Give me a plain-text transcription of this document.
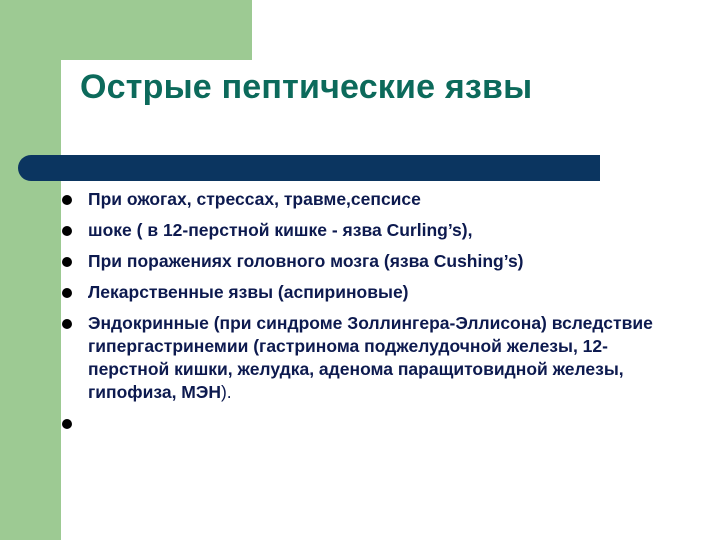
Острые пептические язвы
При ожогах, стрессах, травме,сепсисе
шоке ( в 12-перстной кишке - язва Curling’s),
При поражениях головного мозга (язва Cushing’s)
Лекарственные язвы (аспириновые)
Эндокринные (при синдроме Золлингера-Эллисона) вследствие гипергастринемии (гастринома поджелудочной железы, 12-перстной кишки, желудка, аденома паращитовидной железы, гипофиза, МЭН).
